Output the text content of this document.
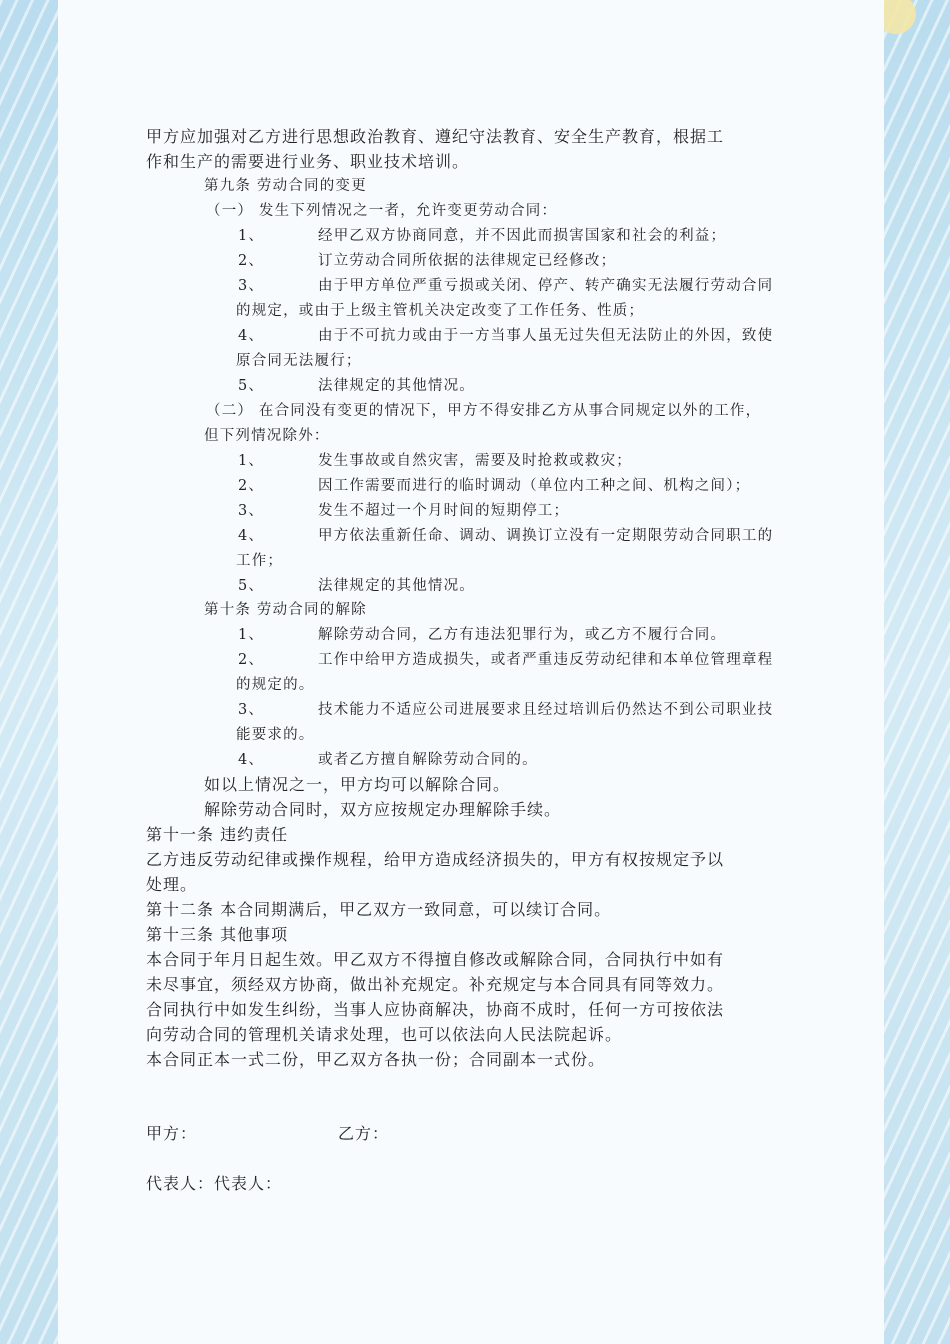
甲方应加强对乙方进行思想政治教育、遵纪守法教育、安全生产教育，根据工
作和生产的需要进行业务、职业技术培训。
第九条 劳动合同的变更
（一） 发生下列情况之一者，允许变更劳动合同：
1、	经甲乙双方协商同意，并不因此而损害国家和社会的利益；
2、	订立劳动合同所依据的法律规定已经修改；
3、	由于甲方单位严重亏损或关闭、停产、转产确实无法履行劳动合同
的规定，或由于上级主管机关决定改变了工作任务、性质；
4、	由于不可抗力或由于一方当事人虽无过失但无法防止的外因，致使
原合同无法履行；
5、	法律规定的其他情况。
（二） 在合同没有变更的情况下，甲方不得安排乙方从事合同规定以外的工作，
但下列情况除外：
1、	发生事故或自然灾害，需要及时抢救或救灾；
2、	因工作需要而进行的临时调动（单位内工种之间、机构之间）；
3、	发生不超过一个月时间的短期停工；
4、	甲方依法重新任命、调动、调换订立没有一定期限劳动合同职工的
工作；
5、	法律规定的其他情况。
第十条 劳动合同的解除
1、	解除劳动合同，乙方有违法犯罪行为，或乙方不履行合同。
2、	工作中给甲方造成损失，或者严重违反劳动纪律和本单位管理章程
的规定的。
3、	技术能力不适应公司进展要求且经过培训后仍然达不到公司职业技
能要求的。
4、	或者乙方擅自解除劳动合同的。
如以上情况之一，甲方均可以解除合同。
解除劳动合同时，双方应按规定办理解除手续。
第十一条 违约责任
乙方违反劳动纪律或操作规程，给甲方造成经济损失的，甲方有权按规定予以
处理。
第十二条 本合同期满后，甲乙双方一致同意，可以续订合同。
第十三条 其他事项
本合同于年月日起生效。甲乙双方不得擅自修改或解除合同，合同执行中如有
未尽事宜，须经双方协商，做出补充规定。补充规定与本合同具有同等效力。
合同执行中如发生纠纷，当事人应协商解决，协商不成时，任何一方可按依法
向劳动合同的管理机关请求处理，也可以依法向人民法院起诉。
本合同正本一式二份，甲乙双方各执一份；合同副本一式份。
甲方：	乙方：
代表人：代表人：
